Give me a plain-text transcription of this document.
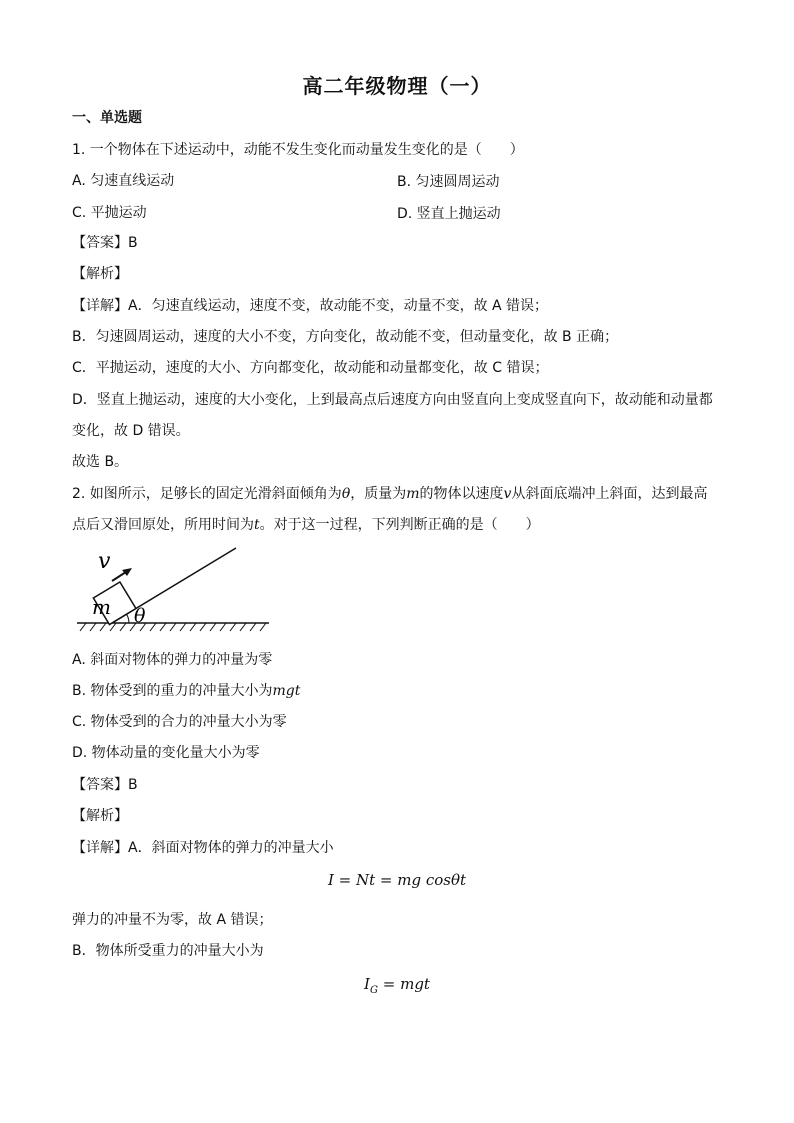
高二年级物理（一）
一、单选题
1. 一个物体在下述运动中，动能不发生变化而动量发生变化的是（　　）
A. 匀速直线运动	B. 匀速圆周运动
C. 平抛运动	D. 竖直上抛运动
【答案】B
【解析】
【详解】A．匀速直线运动，速度不变，故动能不变，动量不变，故 A 错误；
B．匀速圆周运动，速度的大小不变，方向变化，故动能不变，但动量变化，故 B 正确；
C．平抛运动，速度的大小、方向都变化，故动能和动量都变化，故 C 错误；
D．竖直上抛运动，速度的大小变化，上到最高点后速度方向由竖直向上变成竖直向下，故动能和动量都
变化，故 D 错误。
故选 B。
2. 如图所示，足够长的固定光滑斜面倾角为θ，质量为m的物体以速度v从斜面底端冲上斜面，达到最高
点后又滑回原处，所用时间为t。对于这一过程，下列判断正确的是（　　）
m θ
v
A. 斜面对物体的弹力的冲量为零
B. 物体受到的重力的冲量大小为mgt
C. 物体受到的合力的冲量大小为零
D. 物体动量的变化量大小为零
【答案】B
【解析】
【详解】A．斜面对物体的弹力的冲量大小
I = Nt = mg cosθt
弹力的冲量不为零，故 A 错误；
B．物体所受重力的冲量大小为
$I_G$ = mgt
